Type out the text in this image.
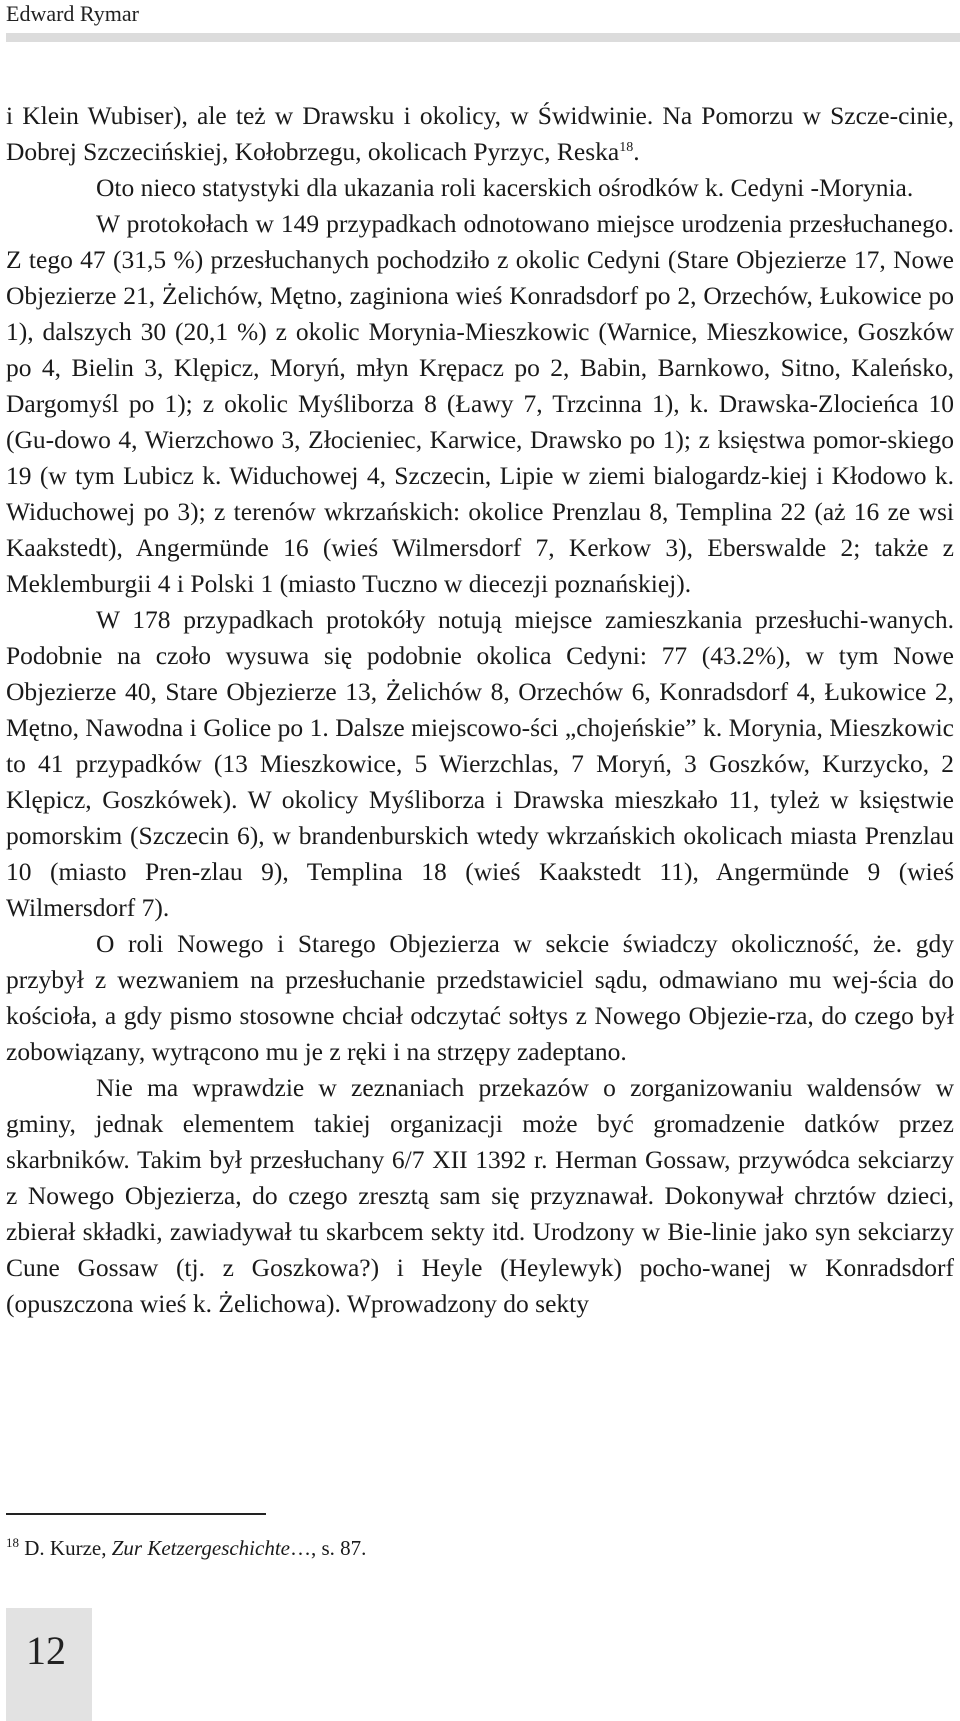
Edward Rymar

i Klein Wubiser), ale też w Drawsku i okolicy, w Świdwinie. Na Pomorzu w Szcze-cinie, Dobrej Szczecińskiej, Kołobrzegu, okolicach Pyrzyc, Reska$^{18}$.

Oto nieco statystyki dla ukazania roli kacerskich ośrodków k. Cedyni -Morynia.

W protokołach w 149 przypadkach odnotowano miejsce urodzenia przesłuchanego. Z tego 47 (31,5 %) przesłuchanych pochodziło z okolic Cedyni (Stare Objezierze 17, Nowe Objezierze 21, Żelichów, Mętno, zaginiona wieś Konradsdorf po 2, Orzechów, Łukowice po 1), dalszych 30 (20,1 %) z okolic Morynia-Mieszkowic (Warnice, Mieszkowice, Goszków po 4, Bielin 3, Klępicz, Moryń, młyn Krępacz po 2, Babin, Barnkowo, Sitno, Kaleńsko, Dargomyśl po 1); z okolic Myśliborza 8 (Ławy 7, Trzcinna 1), k. Drawska-Zlocieńca 10 (Gu-dowo 4, Wierzchowo 3, Złocieniec, Karwice, Drawsko po 1); z księstwa pomor-skiego 19 (w tym Lubicz k. Widuchowej 4, Szczecin, Lipie w ziemi bialogardz-kiej i Kłodowo k. Widuchowej po 3); z terenów wkrzańskich: okolice Prenzlau 8, Templina 22 (aż 16 ze wsi Kaakstedt), Angermünde 16 (wieś Wilmersdorf 7, Kerkow 3), Eberswalde 2; także z Meklemburgii 4 i Polski 1 (miasto Tuczno w diecezji poznańskiej).

W 178 przypadkach protokóły notują miejsce zamieszkania przesłuchi-wanych. Podobnie na czoło wysuwa się podobnie okolica Cedyni: 77 (43.2%), w tym Nowe Objezierze 40, Stare Objezierze 13, Żelichów 8, Orzechów 6, Konradsdorf 4, Łukowice 2, Mętno, Nawodna i Golice po 1. Dalsze miejscowo-ści „chojeńskie” k. Morynia, Mieszkowic to 41 przypadków (13 Mieszkowice, 5 Wierzchlas, 7 Moryń, 3 Goszków, Kurzycko, 2 Klępicz, Goszkówek). W okolicy Myśliborza i Drawska mieszkało 11, tyleż w księstwie pomorskim (Szczecin 6), w brandenburskich wtedy wkrzańskich okolicach miasta Prenzlau 10 (miasto Pren-zlau 9), Templina 18 (wieś Kaakstedt 11), Angermünde 9 (wieś Wilmersdorf 7).

O roli Nowego i Starego Objezierza w sekcie świadczy okoliczność, że. gdy przybył z wezwaniem na przesłuchanie przedstawiciel sądu, odmawiano mu wej-ścia do kościoła, a gdy pismo stosowne chciał odczytać sołtys z Nowego Objezie-rza, do czego był zobowiązany, wytrącono mu je z ręki i na strzępy zadeptano.

Nie ma wprawdzie w zeznaniach przekazów o zorganizowaniu waldensów w gminy, jednak elementem takiej organizacji może być gromadzenie datków przez skarbników. Takim był przesłuchany 6/7 XII 1392 r. Herman Gossaw, przywódca sekciarzy z Nowego Objezierza, do czego zresztą sam się przyznawał. Dokonywał chrztów dzieci, zbierał składki, zawiadywał tu skarbcem sekty itd. Urodzony w Bie-linie jako syn sekciarzy Cune Gossaw (tj. z Goszkowa?) i Heyle (Heylewyk) pocho-wanej w Konradsdorf (opuszczona wieś k. Żelichowa). Wprowadzony do sekty

$^{18}$ D. Kurze, Zur Ketzergeschichte…, s. 87.
12
